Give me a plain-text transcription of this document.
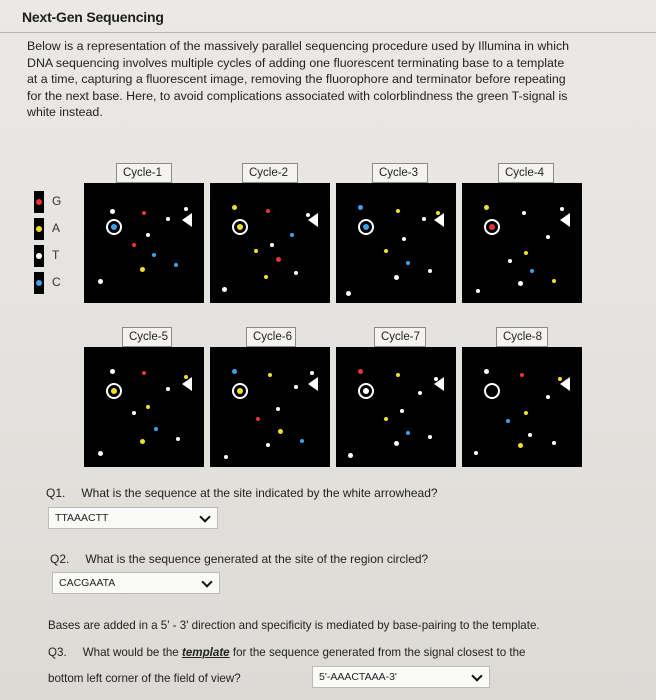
Next-Gen Sequencing
Below is a representation of the massively parallel sequencing procedure used by Illumina in which
DNA sequencing involves multiple cycles of adding one fluorescent terminating base to a template
at a time, capturing a fluorescent image, removing the fluorophore and terminator before repeating
for the next base. Here, to avoid complications associated with colorblindness the green T-signal is
white instead.
G
A
T
C
Cycle-1	Cycle-2	Cycle-3	Cycle-4
Cycle-5	Cycle-6	Cycle-7	Cycle-8
Q1. What is the sequence at the site indicated by the white arrowhead?
TTAAACTT
Q2. What is the sequence generated at the site of the region circled?
CACGAATA
Bases are added in a 5' - 3' direction and specificity is mediated by base-pairing to the template.
Q3. What would be the template for the sequence generated from the signal closest to the
bottom left corner of the field of view?	5'-AAACTAAA-3'
